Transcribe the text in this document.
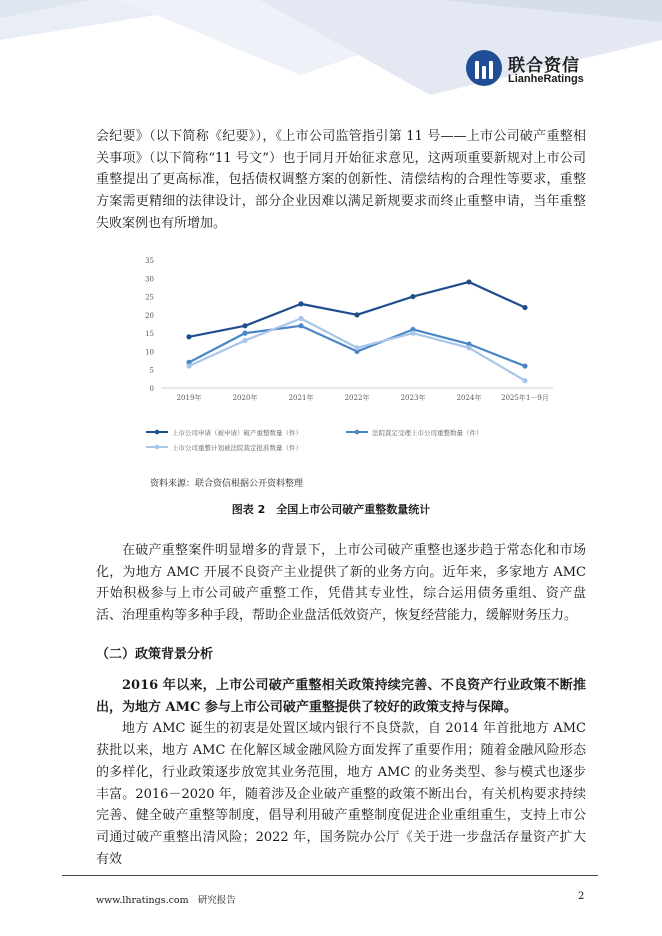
联合资信
LianheRatings

会纪要》（以下简称《纪要》），《上市公司监管指引第 11 号——上市公司破产重整相关事项》（以下简称“11 号文”）也于同月开始征求意见，这两项重要新规对上市公司重整提出了更高标准，包括债权调整方案的创新性、清偿结构的合理性等要求，重整方案需更精细的法律设计，部分企业因难以满足新规要求而终止重整申请，当年重整失败案例也有所增加。

0
5
10
15
20
25
30
35
2019年	2020年	2021年	2022年	2023年	2024年	2025年1－9月
上市公司申请（被申请）破产重整数量（件）	法院裁定受理上市公司重整数量（件）
上市公司重整计划被法院裁定批准数量（件）
资料来源：联合资信根据公开资料整理
图表 2　全国上市公司破产重整数量统计

在破产重整案件明显增多的背景下，上市公司破产重整也逐步趋于常态化和市场化，为地方 AMC 开展不良资产主业提供了新的业务方向。近年来，多家地方 AMC 开始积极参与上市公司破产重整工作，凭借其专业性，综合运用债务重组、资产盘活、治理重构等多种手段，帮助企业盘活低效资产，恢复经营能力，缓解财务压力。

（二）政策背景分析

2016 年以来，上市公司破产重整相关政策持续完善、不良资产行业政策不断推出，为地方 AMC 参与上市公司破产重整提供了较好的政策支持与保障。

地方 AMC 诞生的初衷是处置区域内银行不良贷款，自 2014 年首批地方 AMC 获批以来，地方 AMC 在化解区域金融风险方面发挥了重要作用；随着金融风险形态的多样化，行业政策逐步放宽其业务范围，地方 AMC 的业务类型、参与模式也逐步丰富。2016－2020 年，随着涉及企业破产重整的政策不断出台，有关机构要求持续完善、健全破产重整等制度，倡导利用破产重整制度促进企业重组重生，支持上市公司通过破产重整出清风险；2022 年，国务院办公厅《关于进一步盘活存量资产扩大有效

www.lhratings.com 研究报告	2
